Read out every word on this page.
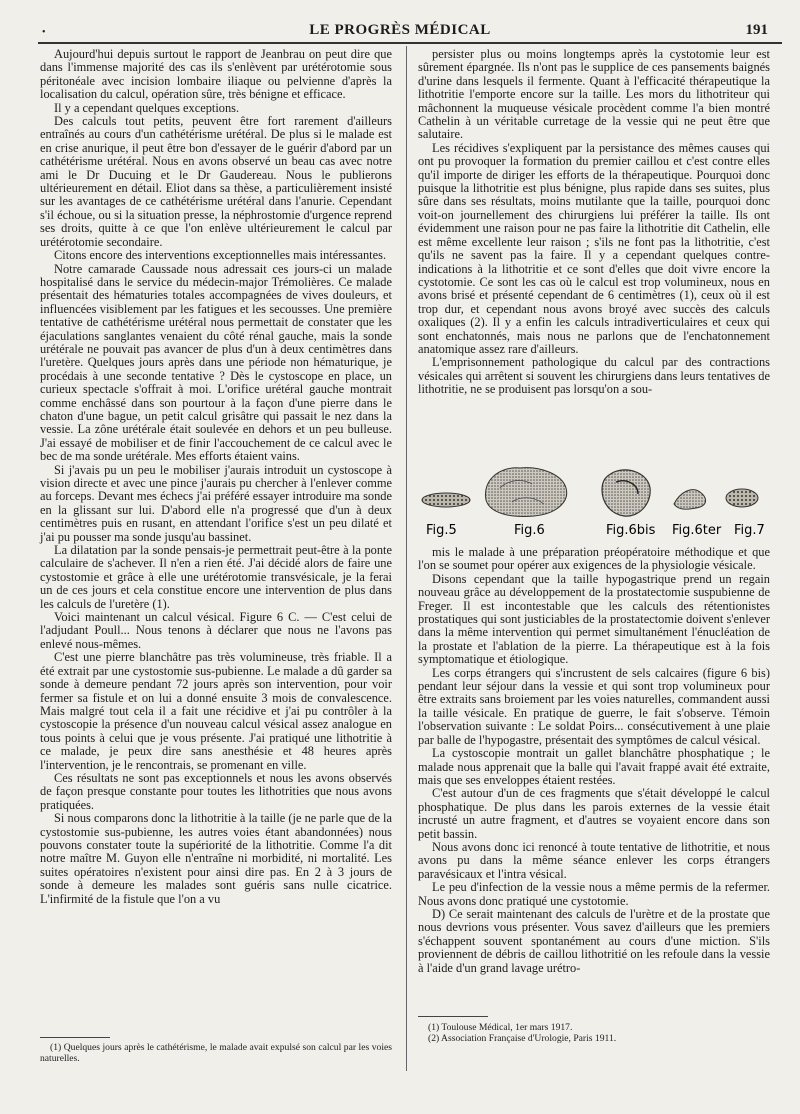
•	LE PROGRÈS MÉDICAL	191

Aujourd'hui depuis surtout le rapport de Jeanbrau on peut dire que dans l'immense majorité des cas ils s'enlèvent par urétérotomie sous péritonéale avec incision lombaire iliaque ou pelvienne d'après la localisation du calcul, opération sûre, très bénigne et efficace.

Il y a cependant quelques exceptions.

Des calculs tout petits, peuvent être fort rarement d'ailleurs entraînés au cours d'un cathétérisme urétéral. De plus si le malade est en crise anurique, il peut être bon d'essayer de le guérir d'abord par un cathétérisme urétéral. Nous en avons observé un beau cas avec notre ami le Dr Ducuing et le Dr Gaudereau. Nous le publierons ultérieurement en détail. Eliot dans sa thèse, a particulièrement insisté sur les avantages de ce cathétérisme urétéral dans l'anurie. Cependant s'il échoue, ou si la situation presse, la néphrostomie d'urgence reprend ses droits, quitte à ce que l'on enlève ultérieurement le calcul par urétérotomie secondaire.

Citons encore des interventions exceptionnelles mais intéressantes.

Notre camarade Caussade nous adressait ces jours-ci un malade hospitalisé dans le service du médecin-major Trémolières. Ce malade présentait des hématuries totales accompagnées de vives douleurs, et influencées visiblement par les fatigues et les secousses. Une première tentative de cathétérisme urétéral nous permettait de constater que les éjaculations sanglantes venaient du côté rénal gauche, mais la sonde urétérale ne pouvait pas avancer de plus d'un à deux centimètres dans l'uretère. Quelques jours après dans une période non hématurique, je procédais à une seconde tentative ? Dès le cystoscope en place, un curieux spectacle s'offrait à moi. L'orifice urétéral gauche montrait comme enchâssé dans son pourtour à la façon d'une pierre dans le chaton d'une bague, un petit calcul grisâtre qui passait le nez dans la vessie. La zône urétérale était soulevée en dehors et un peu bulleuse. J'ai essayé de mobiliser et de finir l'accouchement de ce calcul avec le bec de ma sonde urétérale. Mes efforts étaient vains.

Si j'avais pu un peu le mobiliser j'aurais introduit un cystoscope à vision directe et avec une pince j'aurais pu chercher à l'enlever comme au forceps. Devant mes échecs j'ai préféré essayer introduire ma sonde en la glissant sur lui. D'abord elle n'a progressé que d'un à deux centimètres puis en rusant, en attendant l'orifice s'est un peu dilaté et j'ai pu pousser ma sonde jusqu'au bassinet.

La dilatation par la sonde pensais-je permettrait peut-être à la ponte calculaire de s'achever. Il n'en a rien été. J'ai décidé alors de faire une cystostomie et grâce à elle une urétérotomie transvésicale, je la ferai un de ces jours et cela constitue encore une intervention de plus dans les calculs de l'uretère (1).

Voici maintenant un calcul vésical. Figure 6 C. — C'est celui de l'adjudant Poull... Nous tenons à déclarer que nous ne l'avons pas enlevé nous-mêmes.

C'est une pierre blanchâtre pas très volumineuse, très friable. Il a été extrait par une cystostomie sus-pubienne. Le malade a dû garder sa sonde à demeure pendant 72 jours après son intervention, pour voir fermer sa fistule et on lui a donné ensuite 3 mois de convalescence. Mais malgré tout cela il a fait une récidive et j'ai pu contrôler à la cystoscopie la présence d'un nouveau calcul vésical assez analogue en tous points à celui que je vous présente. J'ai pratiqué une lithotritie à ce malade, je peux dire sans anesthésie et 48 heures après l'intervention, je le rencontrais, se promenant en ville.

Ces résultats ne sont pas exceptionnels et nous les avons observés de façon presque constante pour toutes les lithotrities que nous avons pratiquées.

Si nous comparons donc la lithotritie à la taille (je ne parle que de la cystostomie sus-pubienne, les autres voies étant abandonnées) nous pouvons constater toute la supériorité de la lithotritie. Comme l'a dit notre maître M. Guyon elle n'entraîne ni morbidité, ni mortalité. Les suites opératoires n'existent pour ainsi dire pas. En 2 à 3 jours de sonde à demeure les malades sont guéris sans nulle cicatrice. L'infirmité de la fistule que l'on a vu

(1) Quelques jours après le cathétérisme, le malade avait expulsé son calcul par les voies naturelles.

persister plus ou moins longtemps après la cystotomie leur est sûrement épargnée. Ils n'ont pas le supplice de ces pansements baignés d'urine dans lesquels il fermente. Quant à l'efficacité thérapeutique la lithotritie l'emporte encore sur la taille. Les mors du lithotriteur qui mâchonnent la muqueuse vésicale procèdent comme l'a bien montré Cathelin à un véritable curretage de la vessie qui ne peut être que salutaire.

Les récidives s'expliquent par la persistance des mêmes causes qui ont pu provoquer la formation du premier caillou et c'est contre elles qu'il importe de diriger les efforts de la thérapeutique. Pourquoi donc puisque la lithotritie est plus bénigne, plus rapide dans ses suites, plus sûre dans ses résultats, moins mutilante que la taille, pourquoi donc voit-on journellement des chirurgiens lui préférer la taille. Ils ont évidemment une raison pour ne pas faire la lithotritie dit Cathelin, elle est même excellente leur raison ; s'ils ne font pas la lithotritie, c'est qu'ils ne savent pas la faire. Il y a cependant quelques contre-indications à la lithotritie et ce sont d'elles que doit vivre encore la cystotomie. Ce sont les cas où le calcul est trop volumineux, nous en avons brisé et présenté cependant de 6 centimètres (1), ceux où il est trop dur, et cependant nous avons broyé avec succès des calculs oxaliques (2). Il y a enfin les calculs intradiverticulaires et ceux qui sont enchatonnés, mais nous ne parlons que de l'enchatonnement anatomique assez rare d'ailleurs.

L'emprisonnement pathologique du calcul par des contractions vésicales qui arrêtent si souvent les chirurgiens dans leurs tentatives de lithotritie, ne se produisent pas lorsqu'on a sou-

Fig.5	Fig.6	Fig.6bis Fig.6ter Fig.7

mis le malade à une préparation préopératoire méthodique et que l'on se soumet pour opérer aux exigences de la physiologie vésicale.

Disons cependant que la taille hypogastrique prend un regain nouveau grâce au développement de la prostatectomie suspubienne de Freger. Il est incontestable que les calculs des rétentionistes prostatiques qui sont justiciables de la prostatectomie doivent s'enlever dans la même intervention qui permet simultanément l'énucléation de la prostate et l'ablation de la pierre. La thérapeutique est à la fois symptomatique et étiologique.

Les corps étrangers qui s'incrustent de sels calcaires (figure 6 bis) pendant leur séjour dans la vessie et qui sont trop volumineux pour être extraits sans broiement par les voies naturelles, commandent aussi la taille vésicale. En pratique de guerre, le fait s'observe. Témoin l'observation suivante : Le soldat Poirs... consécutivement à une plaie par balle de l'hypogastre, présentait des symptômes de calcul vésical.

La cystoscopie montrait un gallet blanchâtre phosphatique ; le malade nous apprenait que la balle qui l'avait frappé avait été extraite, mais que ses enveloppes étaient restées.

C'est autour d'un de ces fragments que s'était développé le calcul phosphatique. De plus dans les parois externes de la vessie était incrusté un autre fragment, et d'autres se voyaient encore dans son petit bassin.

Nous avons donc ici renoncé à toute tentative de lithotritie, et nous avons pu dans la même séance enlever les corps étrangers paravésicaux et l'intra vésical.

Le peu d'infection de la vessie nous a même permis de la refermer. Nous avons donc pratiqué une cystotomie.

D) Ce serait maintenant des calculs de l'urètre et de la prostate que nous devrions vous présenter. Vous savez d'ailleurs que les premiers s'échappent souvent spontanément au cours d'une miction. S'ils proviennent de débris de caillou lithotritié on les refoule dans la vessie à l'aide d'un grand lavage urétro-

(1) Toulouse Médical, 1er mars 1917.

(2) Association Française d'Urologie, Paris 1911.
